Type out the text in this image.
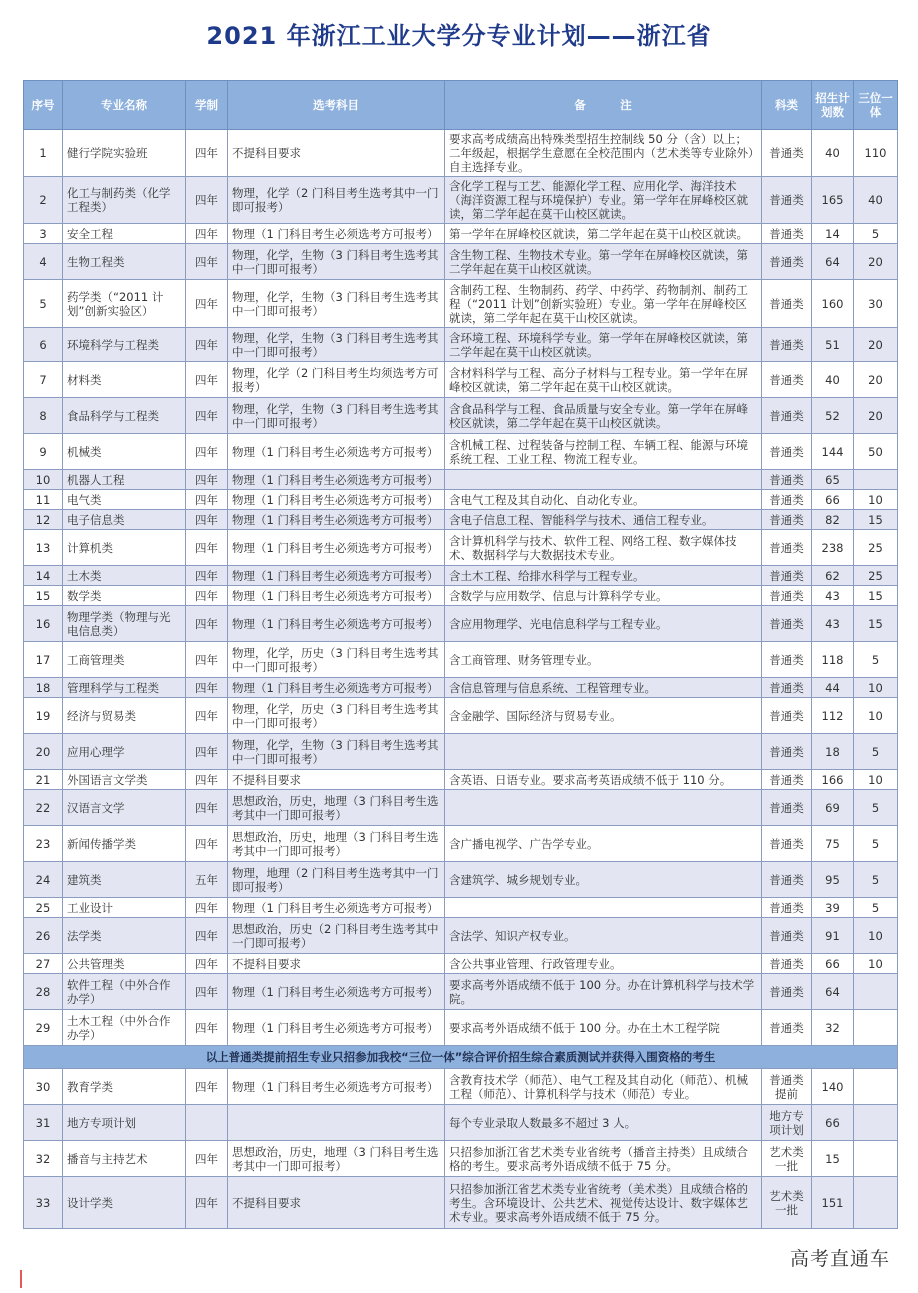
2021 年浙江工业大学分专业计划——浙江省
序号	专业名称	学制	选考科目	备　　　注	科类	招生计划数	三位一体
1	健行学院实验班	四年	不提科目要求	要求高考成绩高出特殊类型招生控制线 50 分（含）以上；二年级起，根据学生意愿在全校范围内（艺术类等专业除外）自主选择专业。	普通类	40	110
2	化工与制药类（化学工程类）	四年	物理，化学（2 门科目考生选考其中一门即可报考）	含化学工程与工艺、能源化学工程、应用化学、海洋技术（海洋资源工程与环境保护）专业。第一学年在屏峰校区就读，第二学年起在莫干山校区就读。	普通类	165	40
3	安全工程	四年	物理（1 门科目考生必须选考方可报考）	第一学年在屏峰校区就读，第二学年起在莫干山校区就读。	普通类	14	5
4	生物工程类	四年	物理，化学，生物（3 门科目考生选考其中一门即可报考）	含生物工程、生物技术专业。第一学年在屏峰校区就读，第二学年起在莫干山校区就读。	普通类	64	20
5	药学类（“2011 计划”创新实验区）	四年	物理，化学，生物（3 门科目考生选考其中一门即可报考）	含制药工程、生物制药、药学、中药学、药物制剂、制药工程（“2011 计划”创新实验班）专业。第一学年在屏峰校区就读，第二学年起在莫干山校区就读。	普通类	160	30
6	环境科学与工程类	四年	物理，化学，生物（3 门科目考生选考其中一门即可报考）	含环境工程、环境科学专业。第一学年在屏峰校区就读，第二学年起在莫干山校区就读。	普通类	51	20
7	材料类	四年	物理，化学（2 门科目考生均须选考方可报考）	含材料科学与工程、高分子材料与工程专业。第一学年在屏峰校区就读，第二学年起在莫干山校区就读。	普通类	40	20
8	食品科学与工程类	四年	物理，化学，生物（3 门科目考生选考其中一门即可报考）	含食品科学与工程、食品质量与安全专业。第一学年在屏峰校区就读，第二学年起在莫干山校区就读。	普通类	52	20
9	机械类	四年	物理（1 门科目考生必须选考方可报考）	含机械工程、过程装备与控制工程、车辆工程、能源与环境系统工程、工业工程、物流工程专业。	普通类	144	50
10	机器人工程	四年	物理（1 门科目考生必须选考方可报考）		普通类	65	
11	电气类	四年	物理（1 门科目考生必须选考方可报考）	含电气工程及其自动化、自动化专业。	普通类	66	10
12	电子信息类	四年	物理（1 门科目考生必须选考方可报考）	含电子信息工程、智能科学与技术、通信工程专业。	普通类	82	15
13	计算机类	四年	物理（1 门科目考生必须选考方可报考）	含计算机科学与技术、软件工程、网络工程、数字媒体技术、数据科学与大数据技术专业。	普通类	238	25
14	土木类	四年	物理（1 门科目考生必须选考方可报考）	含土木工程、给排水科学与工程专业。	普通类	62	25
15	数学类	四年	物理（1 门科目考生必须选考方可报考）	含数学与应用数学、信息与计算科学专业。	普通类	43	15
16	物理学类（物理与光电信息类）	四年	物理（1 门科目考生必须选考方可报考）	含应用物理学、光电信息科学与工程专业。	普通类	43	15
17	工商管理类	四年	物理，化学，历史（3 门科目考生选考其中一门即可报考）	含工商管理、财务管理专业。	普通类	118	5
18	管理科学与工程类	四年	物理（1 门科目考生必须选考方可报考）	含信息管理与信息系统、工程管理专业。	普通类	44	10
19	经济与贸易类	四年	物理，化学，历史（3 门科目考生选考其中一门即可报考）	含金融学、国际经济与贸易专业。	普通类	112	10
20	应用心理学	四年	物理，化学，生物（3 门科目考生选考其中一门即可报考）		普通类	18	5
21	外国语言文学类	四年	不提科目要求	含英语、日语专业。要求高考英语成绩不低于 110 分。	普通类	166	10
22	汉语言文学	四年	思想政治，历史，地理（3 门科目考生选考其中一门即可报考）		普通类	69	5
23	新闻传播学类	四年	思想政治，历史，地理（3 门科目考生选考其中一门即可报考）	含广播电视学、广告学专业。	普通类	75	5
24	建筑类	五年	物理，地理（2 门科目考生选考其中一门即可报考）	含建筑学、城乡规划专业。	普通类	95	5
25	工业设计	四年	物理（1 门科目考生必须选考方可报考）		普通类	39	5
26	法学类	四年	思想政治，历史（2 门科目考生选考其中一门即可报考）	含法学、知识产权专业。	普通类	91	10
27	公共管理类	四年	不提科目要求	含公共事业管理、行政管理专业。	普通类	66	10
28	软件工程（中外合作办学）	四年	物理（1 门科目考生必须选考方可报考）	要求高考外语成绩不低于 100 分。办在计算机科学与技术学院。	普通类	64	
29	土木工程（中外合作办学）	四年	物理（1 门科目考生必须选考方可报考）	要求高考外语成绩不低于 100 分。办在土木工程学院	普通类	32	
以上普通类提前招生专业只招参加我校“三位一体”综合评价招生综合素质测试并获得入围资格的考生							
30	教育学类	四年	物理（1 门科目考生必须选考方可报考）	含教育技术学（师范）、电气工程及其自动化（师范）、机械工程（师范）、计算机科学与技术（师范）专业。	普通类提前	140	
31	地方专项计划			每个专业录取人数最多不超过 3 人。	地方专项计划	66	
32	播音与主持艺术	四年	思想政治，历史，地理（3 门科目考生选考其中一门即可报考）	只招参加浙江省艺术类专业省统考（播音主持类）且成绩合格的考生。要求高考外语成绩不低于 75 分。	艺术类一批	15	
33	设计学类	四年	不提科目要求	只招参加浙江省艺术类专业省统考（美术类）且成绩合格的考生。含环境设计、公共艺术、视觉传达设计、数字媒体艺术专业。要求高考外语成绩不低于 75 分。	艺术类一批	151	
高考直通车
